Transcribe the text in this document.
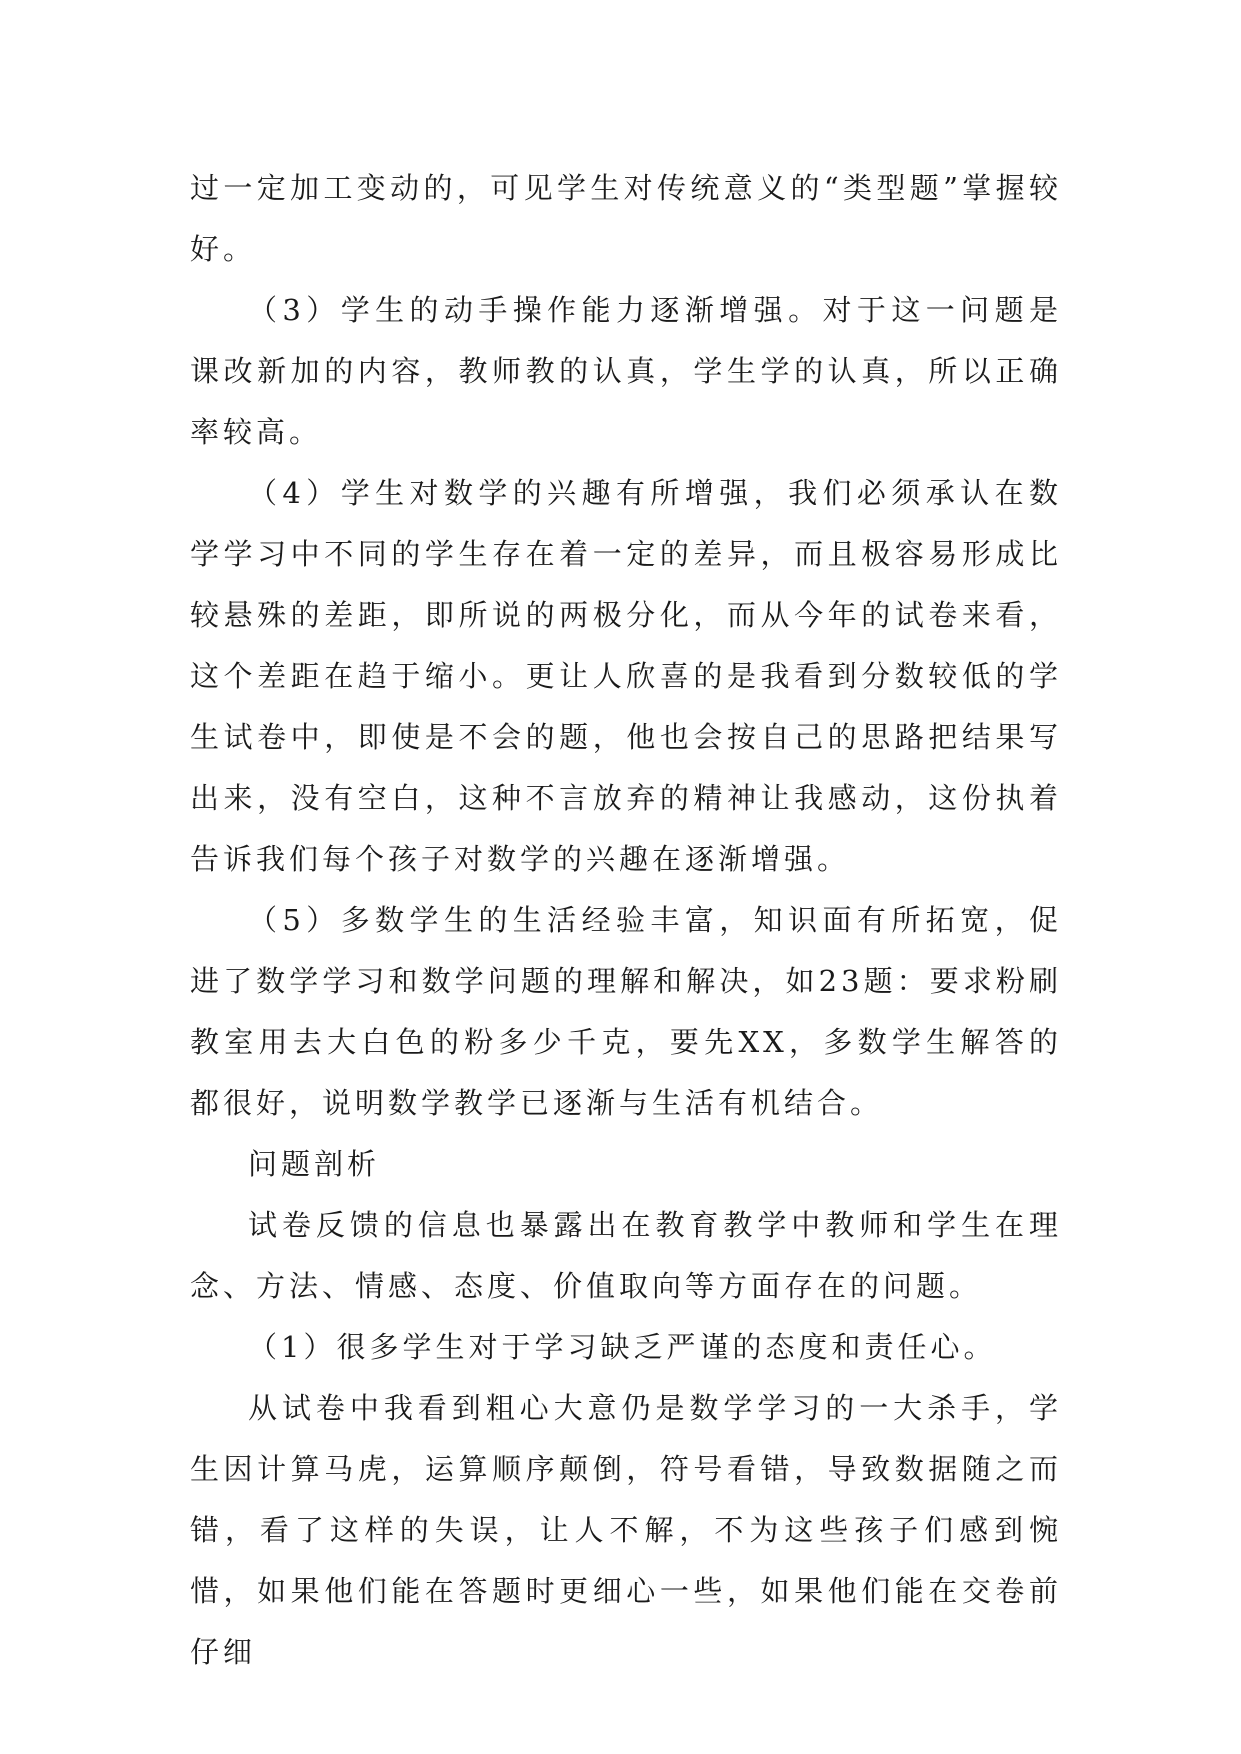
过一定加工变动的，可见学生对传统意义的“类型题”掌握较好。

（3）学生的动手操作能力逐渐增强。对于这一问题是课改新加的内容，教师教的认真，学生学的认真，所以正确率较高。

（4）学生对数学的兴趣有所增强，我们必须承认在数学学习中不同的学生存在着一定的差异，而且极容易形成比较悬殊的差距，即所说的两极分化，而从今年的试卷来看，这个差距在趋于缩小。更让人欣喜的是我看到分数较低的学生试卷中，即使是不会的题，他也会按自己的思路把结果写出来，没有空白，这种不言放弃的精神让我感动，这份执着告诉我们每个孩子对数学的兴趣在逐渐增强。

（5）多数学生的生活经验丰富，知识面有所拓宽，促进了数学学习和数学问题的理解和解决，如23题：要求粉刷教室用去大白色的粉多少千克，要先XX，多数学生解答的都很好，说明数学教学已逐渐与生活有机结合。

问题剖析

试卷反馈的信息也暴露出在教育教学中教师和学生在理念、方法、情感、态度、价值取向等方面存在的问题。

（1）很多学生对于学习缺乏严谨的态度和责任心。

从试卷中我看到粗心大意仍是数学学习的一大杀手，学生因计算马虎，运算顺序颠倒，符号看错，导致数据随之而错，看了这样的失误，让人不解，不为这些孩子们感到惋惜，如果他们能在答题时更细心一些，如果他们能在交卷前仔细
